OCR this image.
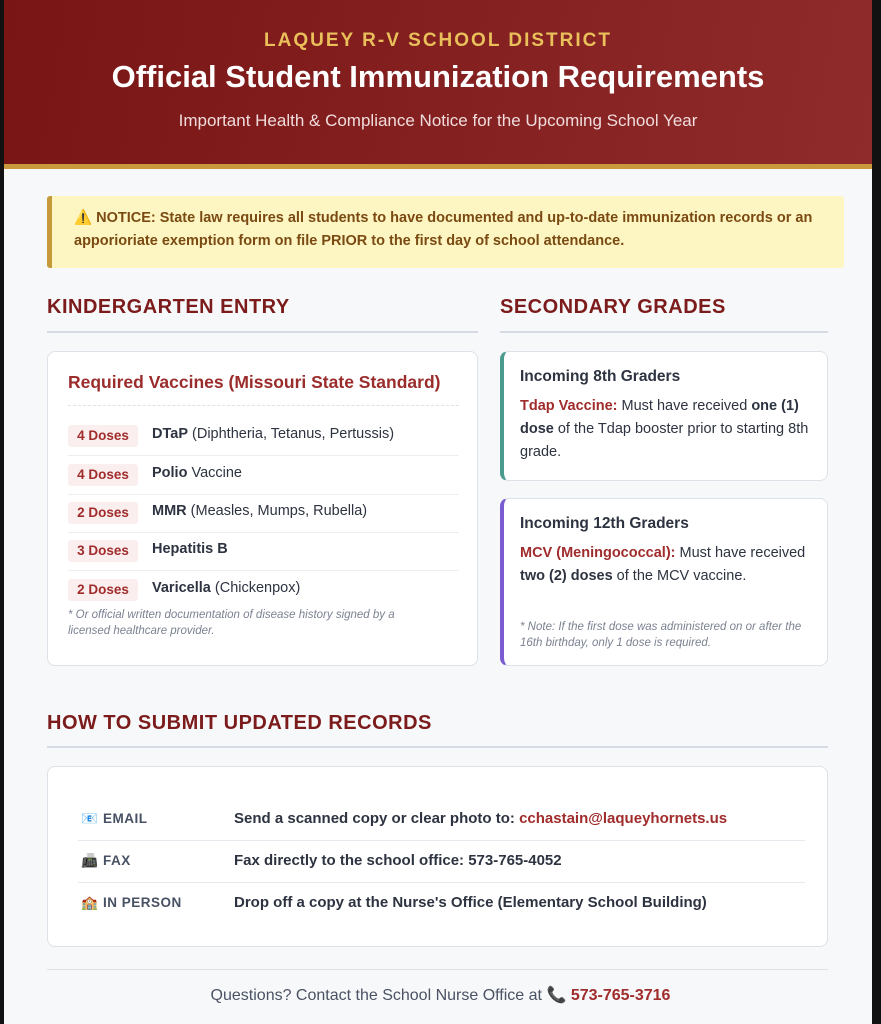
LAQUEY R-V SCHOOL DISTRICT
Official Student Immunization Requirements
Important Health & Compliance Notice for the Upcoming School Year
⚠️ NOTICE: State law requires all students to have documented and up-to-date immunization records or an apporioriate exemption form on file PRIOR to the first day of school attendance.
KINDERGARTEN ENTRY
Required Vaccines (Missouri State Standard)
4 Doses	DTaP (Diphtheria, Tetanus, Pertussis)
4 Doses	Polio Vaccine
2 Doses	MMR (Measles, Mumps, Rubella)
3 Doses	Hepatitis B
2 Doses	Varicella (Chickenpox)
* Or official written documentation of disease history signed by a licensed healthcare provider.
SECONDARY GRADES
Incoming 8th Graders
Tdap Vaccine: Must have received one (1) dose of the Tdap booster prior to starting 8th grade.
Incoming 12th Graders
MCV (Meningococcal): Must have received two (2) doses of the MCV vaccine.
* Note: If the first dose was administered on or after the 16th birthday, only 1 dose is required.
HOW TO SUBMIT UPDATED RECORDS
📧 EMAIL	Send a scanned copy or clear photo to: cchastain@laqueyhornets.us
📠 FAX	Fax directly to the school office: 573-765-4052
🏫 IN PERSON	Drop off a copy at the Nurse's Office (Elementary School Building)
Questions? Contact the School Nurse Office at 📞 573-765-3716
